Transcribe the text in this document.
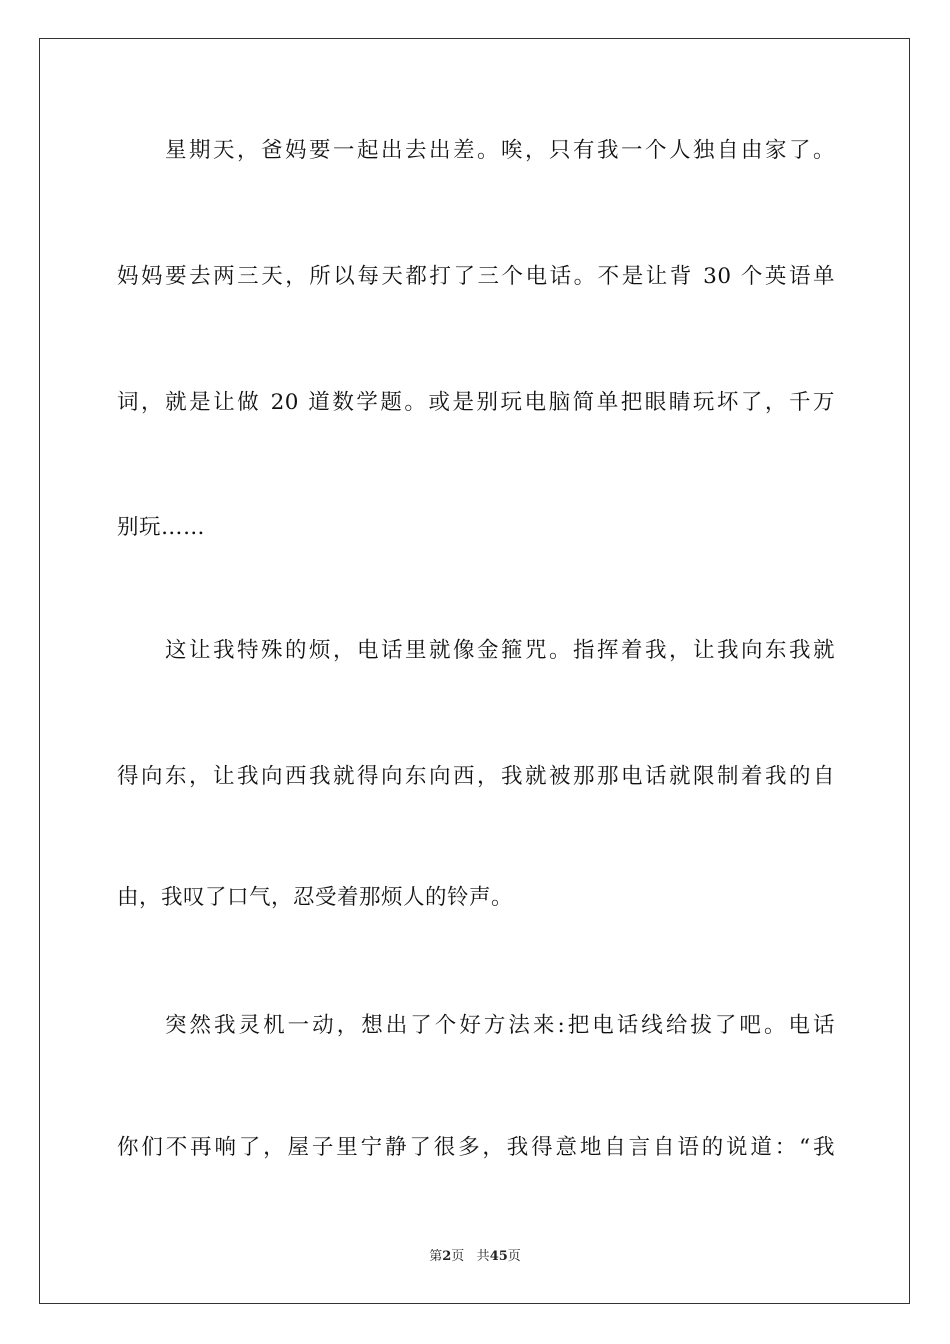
星期天，爸妈要一起出去出差。唉，只有我一个人独自由家了。
妈妈要去两三天，所以每天都打了三个电话。不是让背 30 个英语单
词，就是让做 20 道数学题。或是别玩电脑简单把眼睛玩坏了，千万
别玩……
这让我特殊的烦，电话里就像金箍咒。指挥着我，让我向东我就
得向东，让我向西我就得向东向西，我就被那那电话就限制着我的自
由，我叹了口气，忍受着那烦人的铃声。
突然我灵机一动，想出了个好方法来:把电话线给拔了吧。电话
你们不再响了，屋子里宁静了很多，我得意地自言自语的说道：“我
第2页 共45页
